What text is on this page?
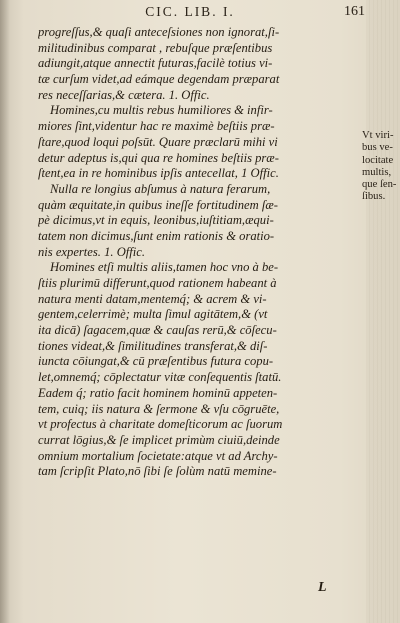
CIC. LIB. I.	161
progreſſus,& quaſi anteceſsiones non ignorat,ſi-
militudinibus comparat , rebuſque præſentibus
adiungit,atque annectit futuras,facilè totius vi-
tæ curſum videt,ad eámque degendam præparat
res neceſſarias,& cætera. 1. Offic.
Homines,cu multis rebus humiliores & infir-
miores ſint,videntur hac re maximè beſtiis præ-
ſtare,quod loqui poſsūt. Quare præclarū mihi vi
detur adeptus is,qui qua re homines beſtiis præ-
ſtent,ea in re hominibus ipſis antecellat, 1 Offic.
Nulla re longius abſumus à natura ferarum,
quàm æquitate,in quibus ineſſe fortitudinem ſæ-
pè dicimus,vt in equis, leonibus,iuſtitiam,æqui-
tatem non dicimus,ſunt enim rationis & oratio-
nis expertes. 1. Offic.
Homines etſi multis aliis,tamen hoc vno à be-
ſtiis plurimū differunt,quod rationem habeant à
natura menti datam,mentemq́; & acrem & vi-
gentem,celerrimè; multa ſimul agitātem,& (vt
ita dicā) ſagacem,quæ & cauſas rerū,& cōſecu-
tiones videat,& ſimilitudines transferat,& diſ-
iuncta cōiungat,& cū præſentibus futura copu-
let,omnemq́; cōplectatur vitæ conſequentis ſtatū.
Eadem q́; ratio facit hominem hominū appeten-
tem, cuiq; iis natura & ſermone & vſu cōgruēte,
vt profectus à charitate domeſticorum ac ſuorum
currat lōgius,& ſe implicet primùm ciuiū,deinde
omnium mortalium ſocietate:atque vt ad Archy-
tam ſcripſit Plato,nō ſibi ſe ſolùm natū memine-
Vt viri-
bus ve-
locitate
multis,
que ſen-
ſibus.
L
